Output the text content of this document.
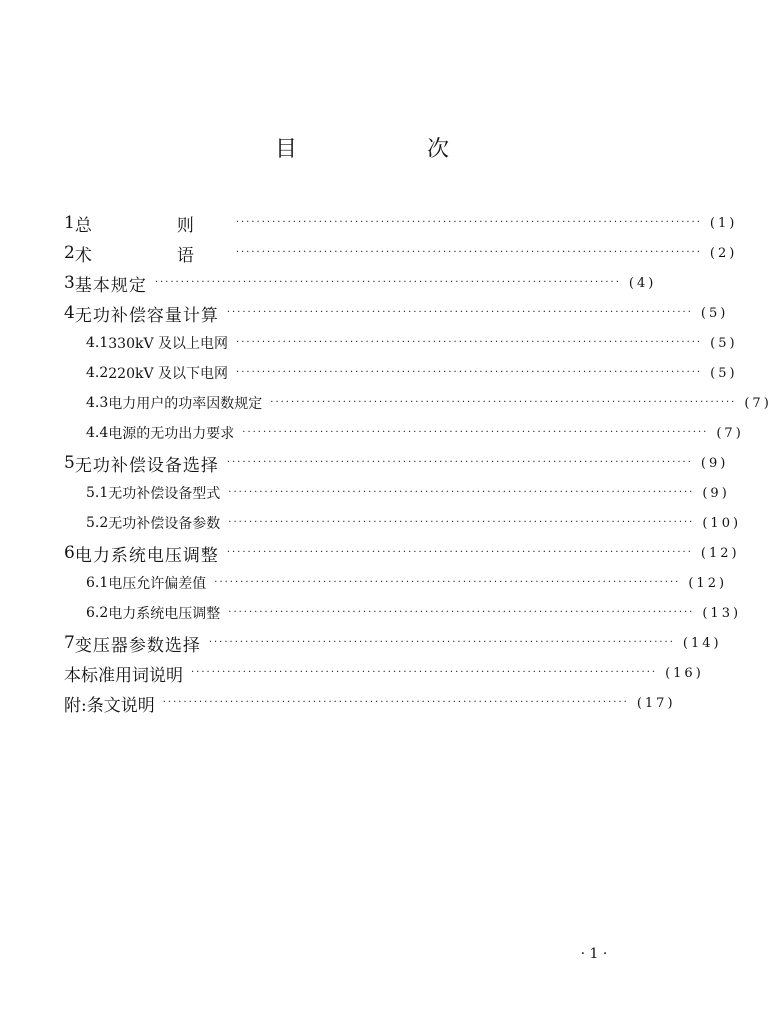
目　次
1 总　则 ·························································································· (1)
2 术　语 ·························································································· (2)
3 基本规定 ·························································································· (4)
4 无功补偿容量计算 ·························································································· (5)
4.1 330kV 及以上电网 ·························································································· (5)
4.2 220kV 及以下电网 ·························································································· (5)
4.3 电力用户的功率因数规定 ·························································································· (7)
4.4 电源的无功出力要求 ·························································································· (7)
5 无功补偿设备选择 ·························································································· (9)
5.1 无功补偿设备型式 ·························································································· (9)
5.2 无功补偿设备参数 ·························································································· (10)
6 电力系统电压调整 ·························································································· (12)
6.1 电压允许偏差值 ·························································································· (12)
6.2 电力系统电压调整 ·························································································· (13)
7 变压器参数选择 ·························································································· (14)
本标准用词说明 ·························································································· (16)
附:条文说明 ·························································································· (17)
· 1 ·
